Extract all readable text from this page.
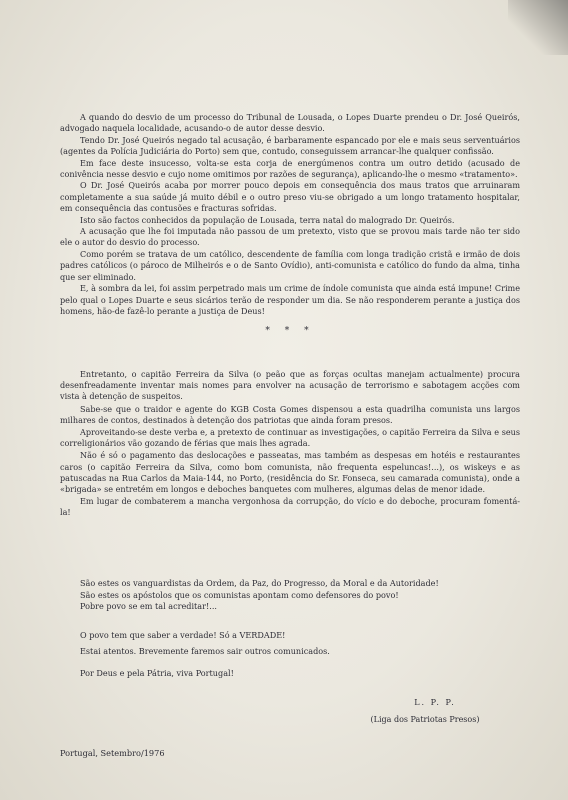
A quando do desvio de um processo do Tribunal de Lousada, o Lopes Duarte prendeu o Dr. José Queirós, advogado naquela localidade, acusando-o de autor desse desvio.

Tendo Dr. José Queirós negado tal acusação, é barbaramente espancado por ele e mais seus serventuários (agentes da Polícia Judiciária do Porto) sem que, contudo, conseguissem arrancar-lhe qualquer confissão.

Em face deste insucesso, volta-se esta corja de energúmenos contra um outro detido (acusado de conivência nesse desvio e cujo nome omitimos por razões de segurança), aplicando-lhe o mesmo «tratamento».

O Dr. José Queirós acaba por morrer pouco depois em consequência dos maus tratos que arruinaram completamente a sua saúde já muito débil e o outro preso viu-se obrigado a um longo tratamento hospitalar, em consequência das contusões e fracturas sofridas.

Isto são factos conhecidos da população de Lousada, terra natal do malogrado Dr. Queirós.

A acusação que lhe foi imputada não passou de um pretexto, visto que se provou mais tarde não ter sido ele o autor do desvio do processo.

Como porém se tratava de um católico, descendente de família com longa tradição cristã e irmão de dois padres católicos (o pároco de Milheirós e o de Santo Ovídio), anti-comunista e católico do fundo da alma, tinha que ser eliminado.

E, à sombra da lei, foi assim perpetrado mais um crime de índole comunista que ainda está impune! Crime pelo qual o Lopes Duarte e seus sicários terão de responder um dia. Se não responderem perante a justiça dos homens, hão-de fazê-lo perante a justiça de Deus!

* * *

Entretanto, o capitão Ferreira da Silva (o peão que as forças ocultas manejam actualmente) procura desenfreadamente inventar mais nomes para envolver na acusação de terrorismo e sabotagem acções com vista à detenção de suspeitos.

Sabe-se que o traidor e agente do KGB Costa Gomes dispensou a esta quadrilha comunista uns largos milhares de contos, destinados à detenção dos patriotas que ainda foram presos.

Aproveitando-se deste verba e, a pretexto de continuar as investigações, o capitão Ferreira da Silva e seus correligionários vão gozando de férias que mais lhes agrada.

Não é só o pagamento das deslocações e passeatas, mas também as despesas em hotéis e restaurantes caros (o capitão Ferreira da Silva, como bom comunista, não frequenta espeluncas!...), os wiskeys e as patuscadas na Rua Carlos da Maia-144, no Porto, (residência do Sr. Fonseca, seu camarada comunista), onde a «brigada» se entretém em longos e deboches banquetes com mulheres, algumas delas de menor idade.

Em lugar de combaterem a mancha vergonhosa da corrupção, do vício e do deboche, procuram fomentá-la!

São estes os vanguardistas da Ordem, da Paz, do Progresso, da Moral e da Autoridade!
São estes os apóstolos que os comunistas apontam como defensores do povo!
Pobre povo se em tal acreditar!...
O povo tem que saber a verdade! Só a VERDADE!
Estai atentos. Brevemente faremos sair outros comunicados.
Por Deus e pela Pátria, viva Portugal!
L. P. P.
(Liga dos Patriotas Presos)
Portugal, Setembro/1976
